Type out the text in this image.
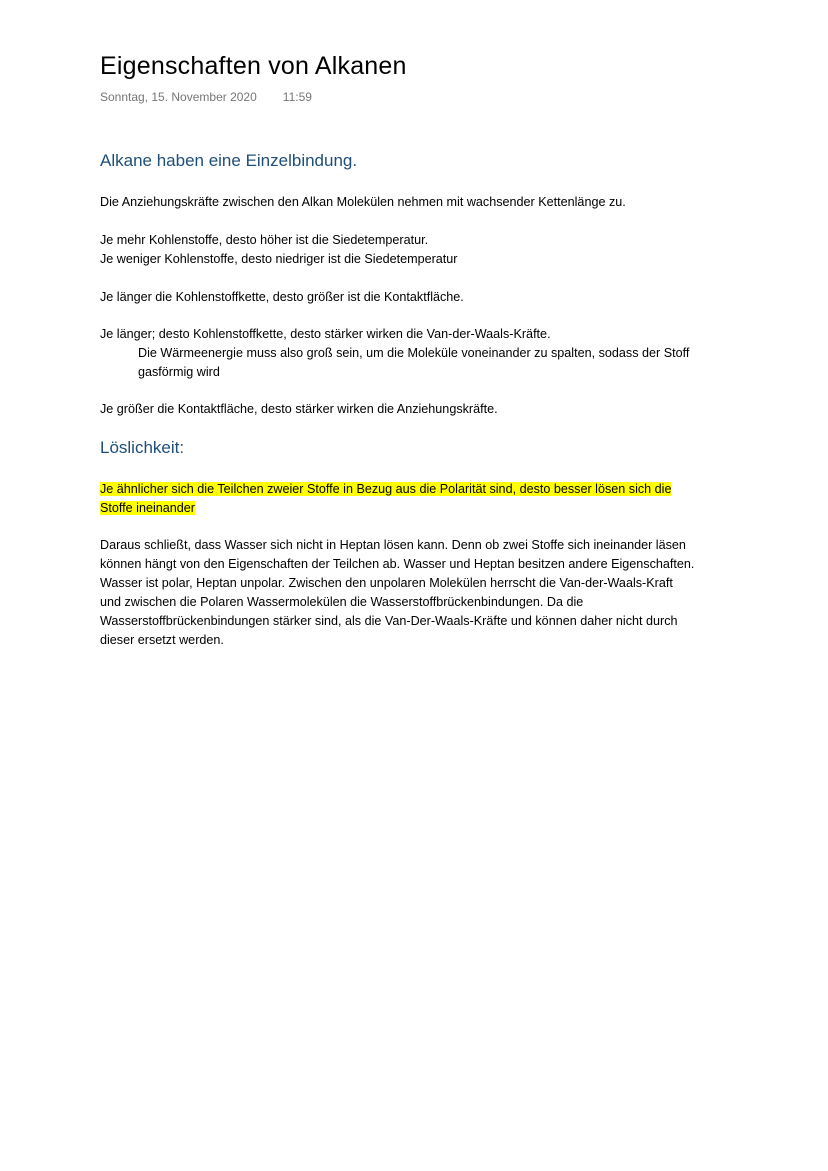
Eigenschaften von Alkanen
Sonntag, 15. November 2020 11:59
Alkane haben eine Einzelbindung.
Die Anziehungskräfte zwischen den Alkan Molekülen nehmen mit wachsender Kettenlänge zu.
Je mehr Kohlenstoffe, desto höher ist die Siedetemperatur.
Je weniger Kohlenstoffe, desto niedriger ist die Siedetemperatur
Je länger die Kohlenstoffkette, desto größer ist die Kontaktfläche.
Je länger; desto Kohlenstoffkette, desto stärker wirken die Van-der-Waals-Kräfte.
Die Wärmeenergie muss also groß sein, um die Moleküle voneinander zu spalten, sodass der Stoff
gasförmig wird
Je größer die Kontaktfläche, desto stärker wirken die Anziehungskräfte.
Löslichkeit:
Je ähnlicher sich die Teilchen zweier Stoffe in Bezug aus die Polarität sind, desto besser lösen sich die
Stoffe ineinander
Daraus schließt, dass Wasser sich nicht in Heptan lösen kann. Denn ob zwei Stoffe sich ineinander läsen
können hängt von den Eigenschaften der Teilchen ab. Wasser und Heptan besitzen andere Eigenschaften.
Wasser ist polar, Heptan unpolar. Zwischen den unpolaren Molekülen herrscht die Van-der-Waals-Kraft
und zwischen die Polaren Wassermolekülen die Wasserstoffbrückenbindungen. Da die
Wasserstoffbrückenbindungen stärker sind, als die Van-Der-Waals-Kräfte und können daher nicht durch
dieser ersetzt werden.
